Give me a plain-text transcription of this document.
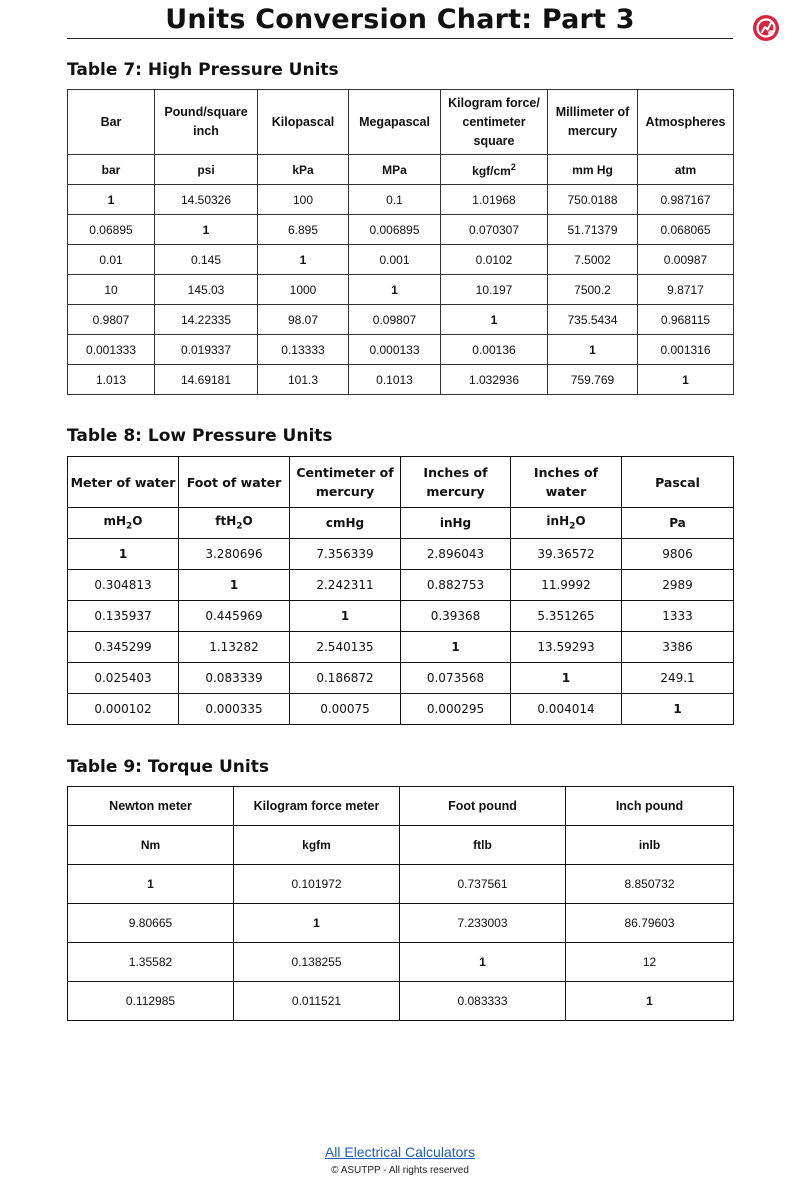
Units Conversion Chart: Part 3
Table 7: High Pressure Units
Bar	Pound/square inch	Kilopascal	Megapascal	Kilogram force/ centimeter square	Millimeter of mercury	Atmospheres
bar	psi	kPa	MPa	kgf/$cm^2$	mm Hg	atm
1	14.50326	100	0.1	1.01968	750.0188	0.987167
0.06895	1	6.895	0.006895	0.070307	51.71379	0.068065
0.01	0.145	1	0.001	0.0102	7.5002	0.00987
10	145.03	1000	1	10.197	7500.2	9.8717
0.9807	14.22335	98.07	0.09807	1	735.5434	0.968115
0.001333	0.019337	0.13333	0.000133	0.00136	1	0.001316
1.013	14.69181	101.3	0.1013	1.032936	759.769	1
Table 8: Low Pressure Units
Meter of water	Foot of water	Centimeter of mercury	Inches of mercury	Inches of water	Pascal
$mH_2O$	ftH$_2$O	cmHg	inHg	inH$_2$O	Pa
1	3.280696	7.356339	2.896043	39.36572	9806
0.304813	1	2.242311	0.882753	11.9992	2989
0.135937	0.445969	1	0.39368	5.351265	1333
0.345299	1.13282	2.540135	1	13.59293	3386
0.025403	0.083339	0.186872	0.073568	1	249.1
0.000102	0.000335	0.00075	0.000295	0.004014	1
Table 9: Torque Units
Newton meter	Kilogram force meter	Foot pound	Inch pound
Nm	kgfm	ftlb	inlb
1	0.101972	0.737561	8.850732
9.80665	1	7.233003	86.79603
1.35582	0.138255	1	12
0.112985	0.011521	0.083333	1
All Electrical Calculators
© ASUTPP - All rights reserved
